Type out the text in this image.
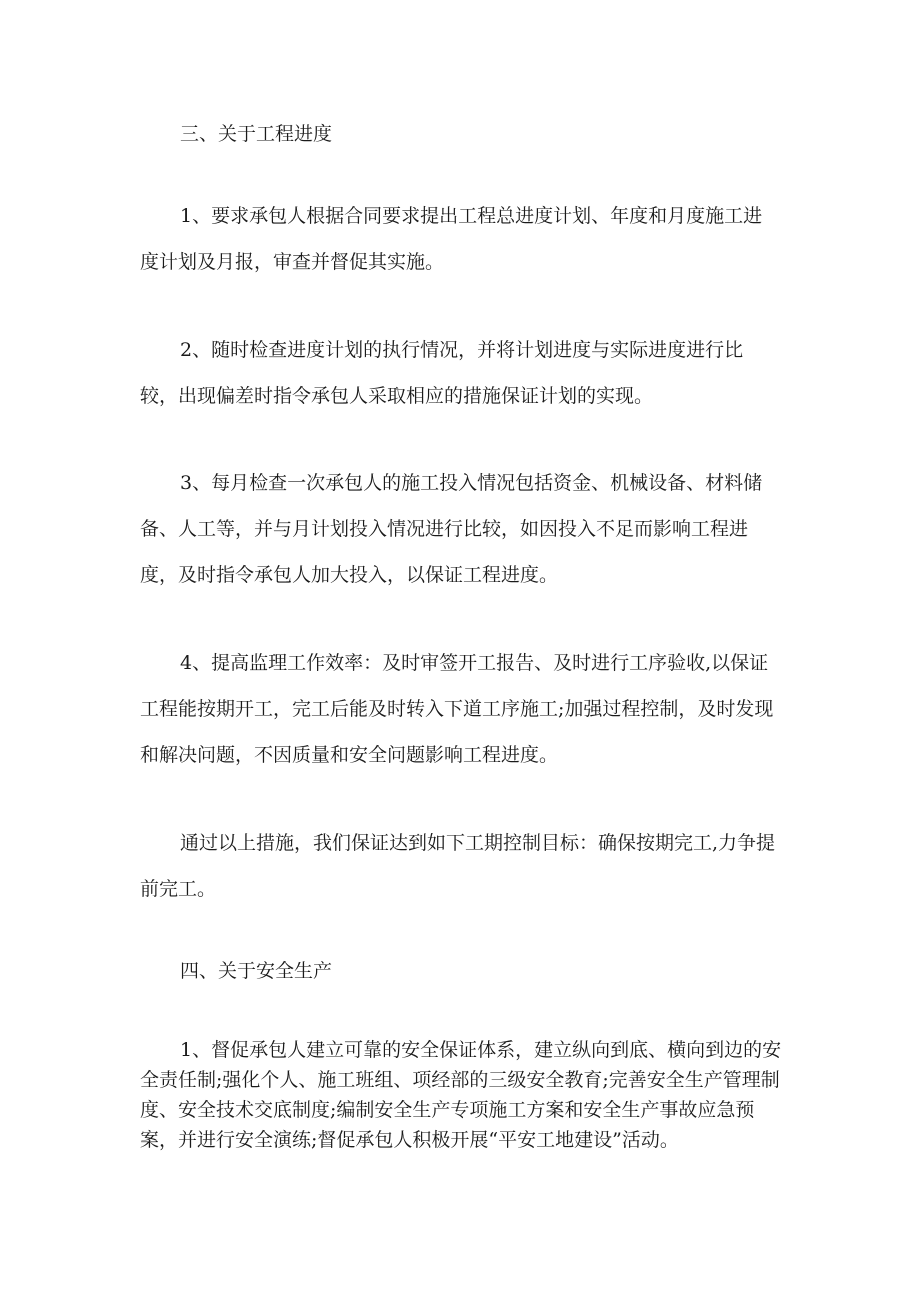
三、关于工程进度

1、要求承包人根据合同要求提出工程总进度计划、年度和月度施工进度计划及月报，审查并督促其实施。

2、随时检查进度计划的执行情况，并将计划进度与实际进度进行比较，出现偏差时指令承包人采取相应的措施保证计划的实现。

3、每月检查一次承包人的施工投入情况包括资金、机械设备、材料储备、人工等，并与月计划投入情况进行比较，如因投入不足而影响工程进度，及时指令承包人加大投入，以保证工程进度。

4、提高监理工作效率：及时审签开工报告、及时进行工序验收,以保证工程能按期开工，完工后能及时转入下道工序施工;加强过程控制，及时发现和解决问题，不因质量和安全问题影响工程进度。

通过以上措施，我们保证达到如下工期控制目标：确保按期完工,力争提前完工。

四、关于安全生产

1、督促承包人建立可靠的安全保证体系，建立纵向到底、横向到边的安全责任制;强化个人、施工班组、项经部的三级安全教育;完善安全生产管理制度、安全技术交底制度;编制安全生产专项施工方案和安全生产事故应急预案，并进行安全演练;督促承包人积极开展“平安工地建设”活动。
